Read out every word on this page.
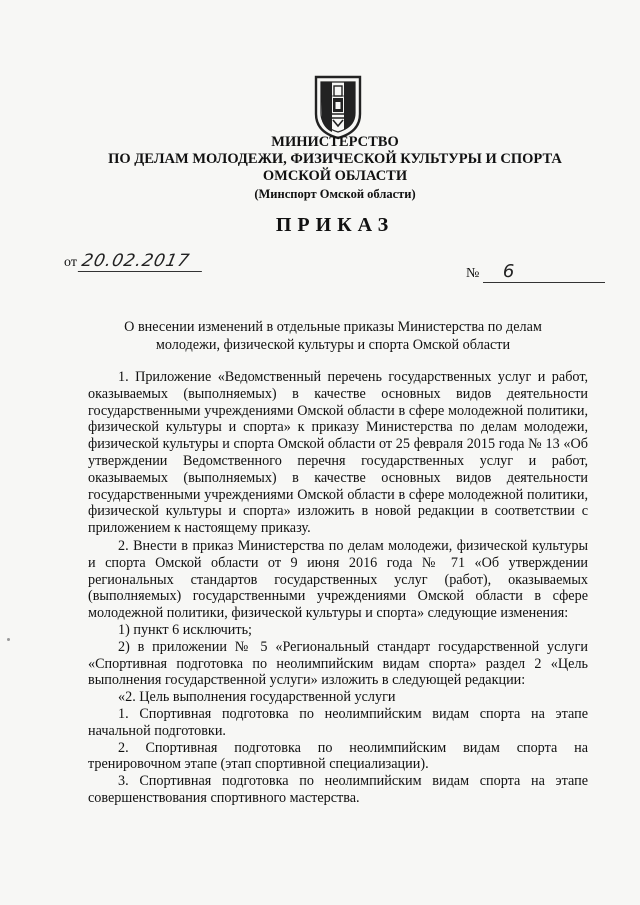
МИНИСТЕРСТВО
ПО ДЕЛАМ МОЛОДЕЖИ, ФИЗИЧЕСКОЙ КУЛЬТУРЫ И СПОРТА
ОМСКОЙ ОБЛАСТИ
(Минспорт Омской области)
ПРИКАЗ
от 20.02.2017
№ 6
О внесении изменений в отдельные приказы Министерства по делам молодежи, физической культуры и спорта Омской области

1. Приложение «Ведомственный перечень государственных услуг и работ, оказываемых (выполняемых) в качестве основных видов деятельности государственными учреждениями Омской области в сфере молодежной политики, физической культуры и спорта» к приказу Министерства по делам молодежи, физической культуры и спорта Омской области от 25 февраля 2015 года № 13 «Об утверждении Ведомственного перечня государственных услуг и работ, оказываемых (выполняемых) в качестве основных видов деятельности государственными учреждениями Омской области в сфере молодежной политики, физической культуры и спорта» изложить в новой редакции в соответствии с приложением к настоящему приказу.

2. Внести в приказ Министерства по делам молодежи, физической культуры и спорта Омской области от 9 июня 2016 года № 71 «Об утверждении региональных стандартов государственных услуг (работ), оказываемых (выполняемых) государственными учреждениями Омской области в сфере молодежной политики, физической культуры и спорта» следующие изменения:

1) пункт 6 исключить;

2) в приложении № 5 «Региональный стандарт государственной услуги «Спортивная подготовка по неолимпийским видам спорта» раздел 2 «Цель выполнения государственной услуги» изложить в следующей редакции:

«2. Цель выполнения государственной услуги

1. Спортивная подготовка по неолимпийским видам спорта на этапе начальной подготовки.

2. Спортивная подготовка по неолимпийским видам спорта на тренировочном этапе (этап спортивной специализации).

3. Спортивная подготовка по неолимпийским видам спорта на этапе совершенствования спортивного мастерства.
